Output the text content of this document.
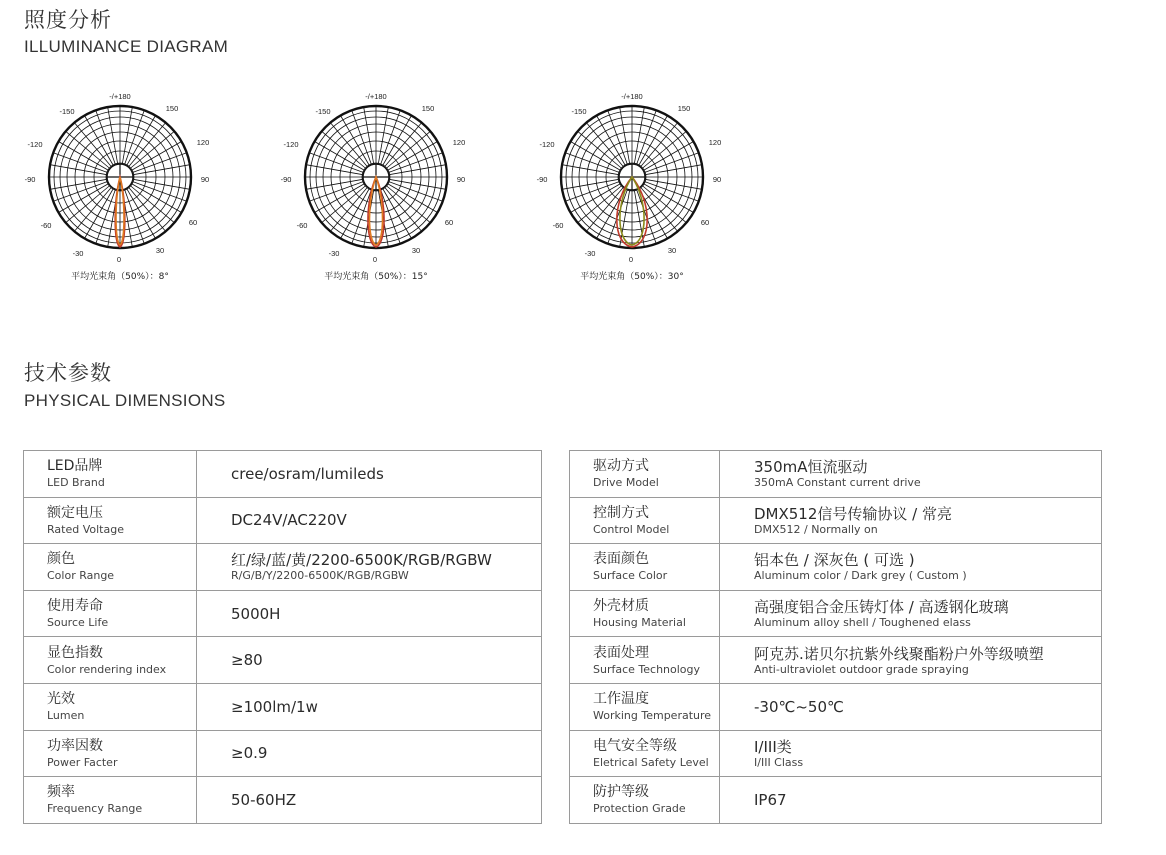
照度分析
ILLUMINANCE DIAGRAM
-/+180
-150	150
-120	120
-90	90
-60	60
-30	30
0
平均光束角（50%）：8°
-/+180
-150	150
-120	120
-90	90
-60	60
-30	30
0
平均光束角（50%）：15°
-/+180
-150	150
-120	120
-90	90
-60	60
-30	30
0
平均光束角（50%）：30°
技术参数
PHYSICAL DIMENSIONS
LED品牌
LED Brand	cree/osram/lumileds

额定电压
Rated Voltage	DC24V/AC220V

颜色
Color Range	红/绿/蓝/黄/2200-6500K/RGB/RGBW
R/G/B/Y/2200-6500K/RGB/RGBW

使用寿命
Source Life	5000H

显色指数
Color rendering index	≥80

光效
Lumen	≥100lm/1w

功率因数
Power Facter	≥0.9

频率
Frequency Range	50-60HZ
驱动方式
Drive Model	350mA恒流驱动
350mA Constant current drive

控制方式
Control Model	DMX512信号传输协议 / 常亮
DMX512 / Normally on

表面颜色
Surface Color	铝本色 / 深灰色 ( 可选 )
Aluminum color / Dark grey ( Custom )

外壳材质
Housing Material	高强度铝合金压铸灯体 / 高透钢化玻璃
Aluminum alloy shell / Toughened elass

表面处理
Surface Technology	阿克苏.诺贝尔抗紫外线聚酯粉户外等级喷塑
Anti-ultraviolet outdoor grade spraying

工作温度
Working Temperature	-30℃~50℃

电气安全等级
Eletrical Safety Level	I/III类
I/III Class

防护等级
Protection Grade	IP67
